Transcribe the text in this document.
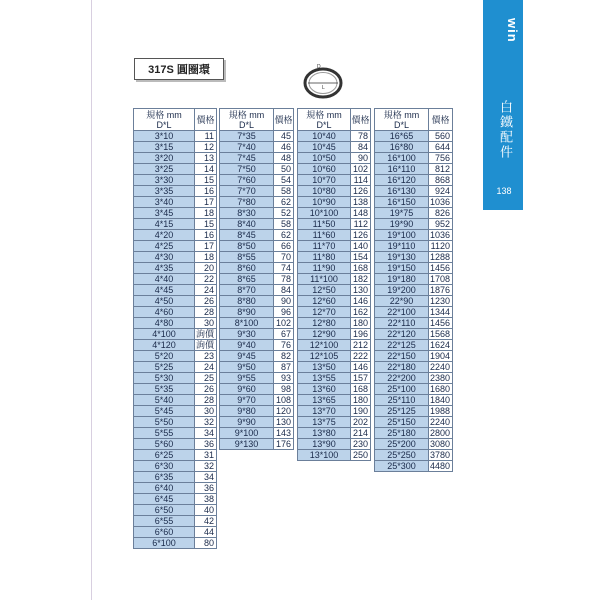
win
白鐵配件
138
317S 圓圈環	D
L
規格 mm
D*L	價格
3*10	11
3*15	12
3*20	13
3*25	14
3*30	15
3*35	16
3*40	17
3*45	18
4*15	15
4*20	16
4*25	17
4*30	18
4*35	20
4*40	22
4*45	24
4*50	26
4*60	28
4*80	30
4*100	詢價
4*120	詢價
5*20	23
5*25	24
5*30	25
5*35	26
5*40	28
5*45	30
5*50	32
5*55	34
5*60	36
6*25	31
6*30	32
6*35	34
6*40	36
6*45	38
6*50	40
6*55	42
6*60	44
6*100	80
規格 mm
D*L	價格
7*35	45
7*40	46
7*45	48
7*50	50
7*60	54
7*70	58
7*80	62
8*30	52
8*40	58
8*45	62
8*50	66
8*55	70
8*60	74
8*65	78
8*70	84
8*80	90
8*90	96
8*100	102
9*30	67
9*40	76
9*45	82
9*50	87
9*55	93
9*60	98
9*70	108
9*80	120
9*90	130
9*100	143
9*130	176
規格 mm
D*L	價格
10*40	78
10*45	84
10*50	90
10*60	102
10*70	114
10*80	126
10*90	138
10*100	148
11*50	112
11*60	126
11*70	140
11*80	154
11*90	168
11*100	182
12*50	130
12*60	146
12*70	162
12*80	180
12*90	196
12*100	212
12*105	222
13*50	146
13*55	157
13*60	168
13*65	180
13*70	190
13*75	202
13*80	214
13*90	230
13*100	250
規格 mm
D*L	價格
16*65	560
16*80	644
16*100	756
16*110	812
16*120	868
16*130	924
16*150	1036
19*75	826
19*90	952
19*100	1036
19*110	1120
19*130	1288
19*150	1456
19*180	1708
19*200	1876
22*90	1230
22*100	1344
22*110	1456
22*120	1568
22*125	1624
22*150	1904
22*180	2240
22*200	2380
25*100	1680
25*110	1840
25*125	1988
25*150	2240
25*180	2800
25*200	3080
25*250	3780
25*300	4480
